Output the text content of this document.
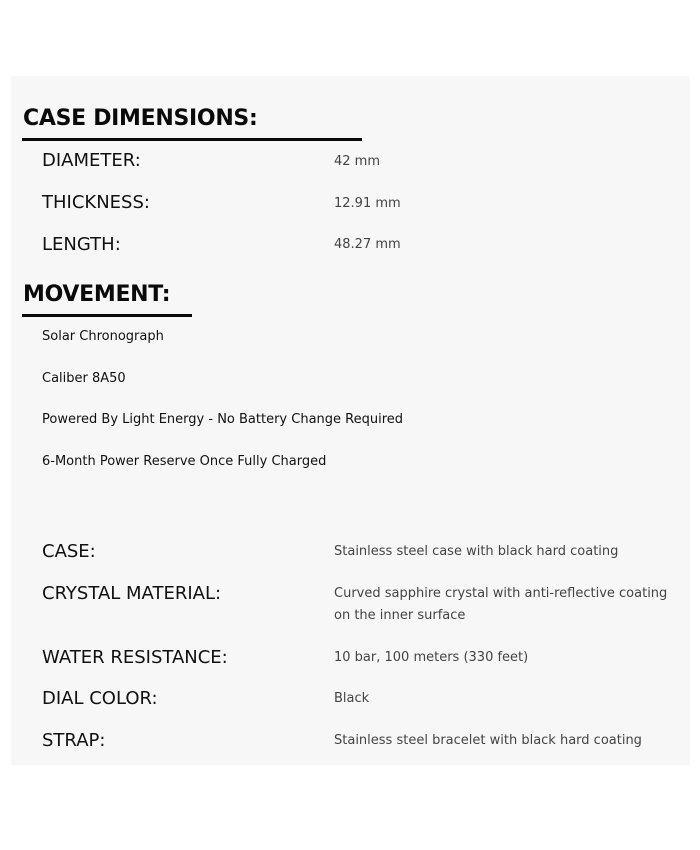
CASE DIMENSIONS:
DIAMETER:	42 mm
THICKNESS:	12.91 mm
LENGTH:	48.27 mm
MOVEMENT:
Solar Chronograph
Caliber 8A50
Powered By Light Energy - No Battery Change Required
6-Month Power Reserve Once Fully Charged
CASE:	Stainless steel case with black hard coating
CRYSTAL MATERIAL:	Curved sapphire crystal with anti-reflective coating on the inner surface
WATER RESISTANCE:	10 bar, 100 meters (330 feet)
DIAL COLOR:	Black
STRAP:	Stainless steel bracelet with black hard coating
